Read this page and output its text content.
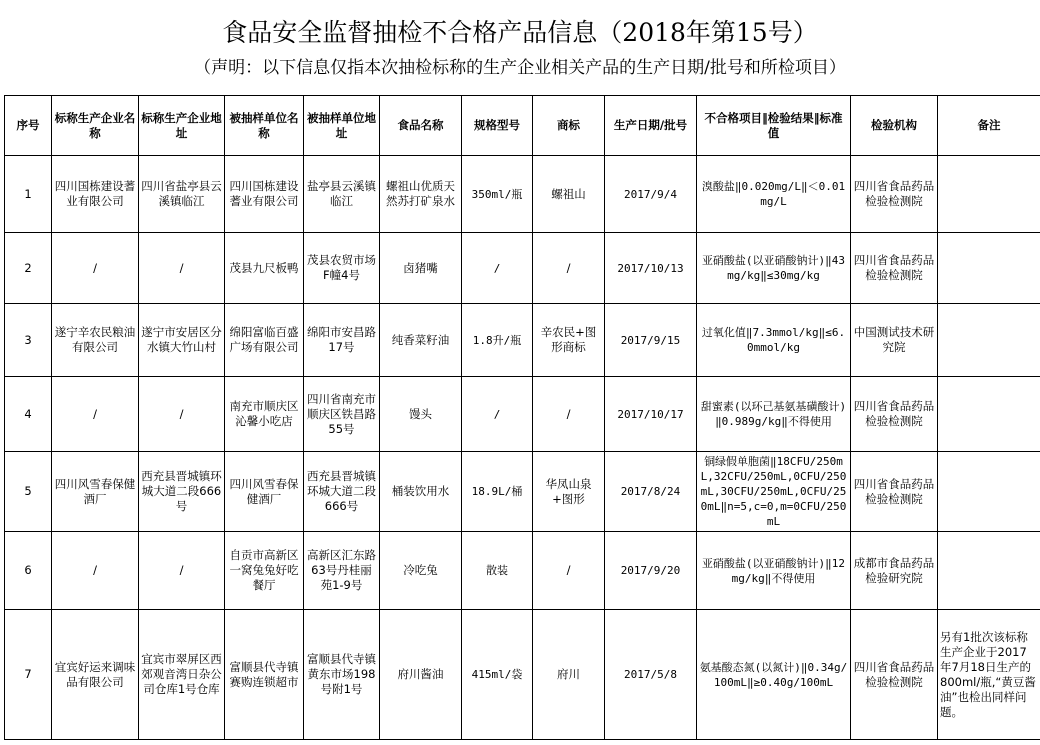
食品安全监督抽检不合格产品信息（2018年第15号）
（声明：以下信息仅指本次抽检标称的生产企业相关产品的生产日期/批号和所检项目）
序号	标称生产企业名称	标称生产企业地址	被抽样单位名称	被抽样单位地址	食品名称	规格型号	商标	生产日期/批号	不合格项目‖检验结果‖标准值	检验机构	备注
1	四川国栋建设蓍业有限公司	四川省盐亭县云溪镇临江	四川国栋建设蓍业有限公司	盐亭县云溪镇临江	螺祖山优质天然苏打矿泉水	350ml/瓶	螺祖山	2017/9/4	溴酸盐‖0.020mg/L‖＜0.01mg/L	四川省食品药品检验检测院	
2	/	/	茂县九尺板鸭	茂县农贸市场F幢4号	卤猪嘴	/	/	2017/10/13	亚硝酸盐(以亚硝酸钠计)‖43mg/kg‖≤30mg/kg	四川省食品药品检验检测院	
3	遂宁辛农民粮油有限公司	遂宁市安居区分水镇大竹山村	绵阳富临百盛广场有限公司	绵阳市安昌路17号	纯香菜籽油	1.8升/瓶	辛农民+图形商标	2017/9/15	过氧化值‖7.3mmol/kg‖≤6.0mmol/kg	中国测试技术研究院	
4	/	/	南充市顺庆区沁馨小吃店	四川省南充市顺庆区铁昌路55号	馒头	/	/	2017/10/17	甜蜜素(以环己基氨基磺酸计)‖0.989g/kg‖不得使用	四川省食品药品检验检测院	
5	四川风雪春保健酒厂	西充县晋城镇环城大道二段666号	四川风雪春保健酒厂	西充县晋城镇环城大道二段666号	桶装饮用水	18.9L/桶	华凤山泉+图形	2017/8/24	铜绿假单胞菌‖18CFU/250mL,32CFU/250mL,0CFU/250mL,30CFU/250mL,0CFU/250mL‖n=5,c=0,m=0CFU/250mL	四川省食品药品检验检测院	
6	/	/	自贡市高新区一窝兔兔好吃餐厅	高新区汇东路63号丹桂丽苑1-9号	冷吃兔	散装	/	2017/9/20	亚硝酸盐(以亚硝酸钠计)‖12mg/kg‖不得使用	成都市食品药品检验研究院	
7	宜宾好运来调味品有限公司	宜宾市翠屏区西郊观音湾日杂公司仓库1号仓库	富顺县代寺镇赛购连锁超市	富顺县代寺镇黄东市场198号附1号	府川酱油	415ml/袋	府川	2017/5/8	氨基酸态氮(以氮计)‖0.34g/100mL‖≥0.40g/100mL	四川省食品药品检验检测院	另有1批次该标称生产企业于2017年7月18日生产的800ml/瓶,“黄豆酱油”也检出同样问题。
